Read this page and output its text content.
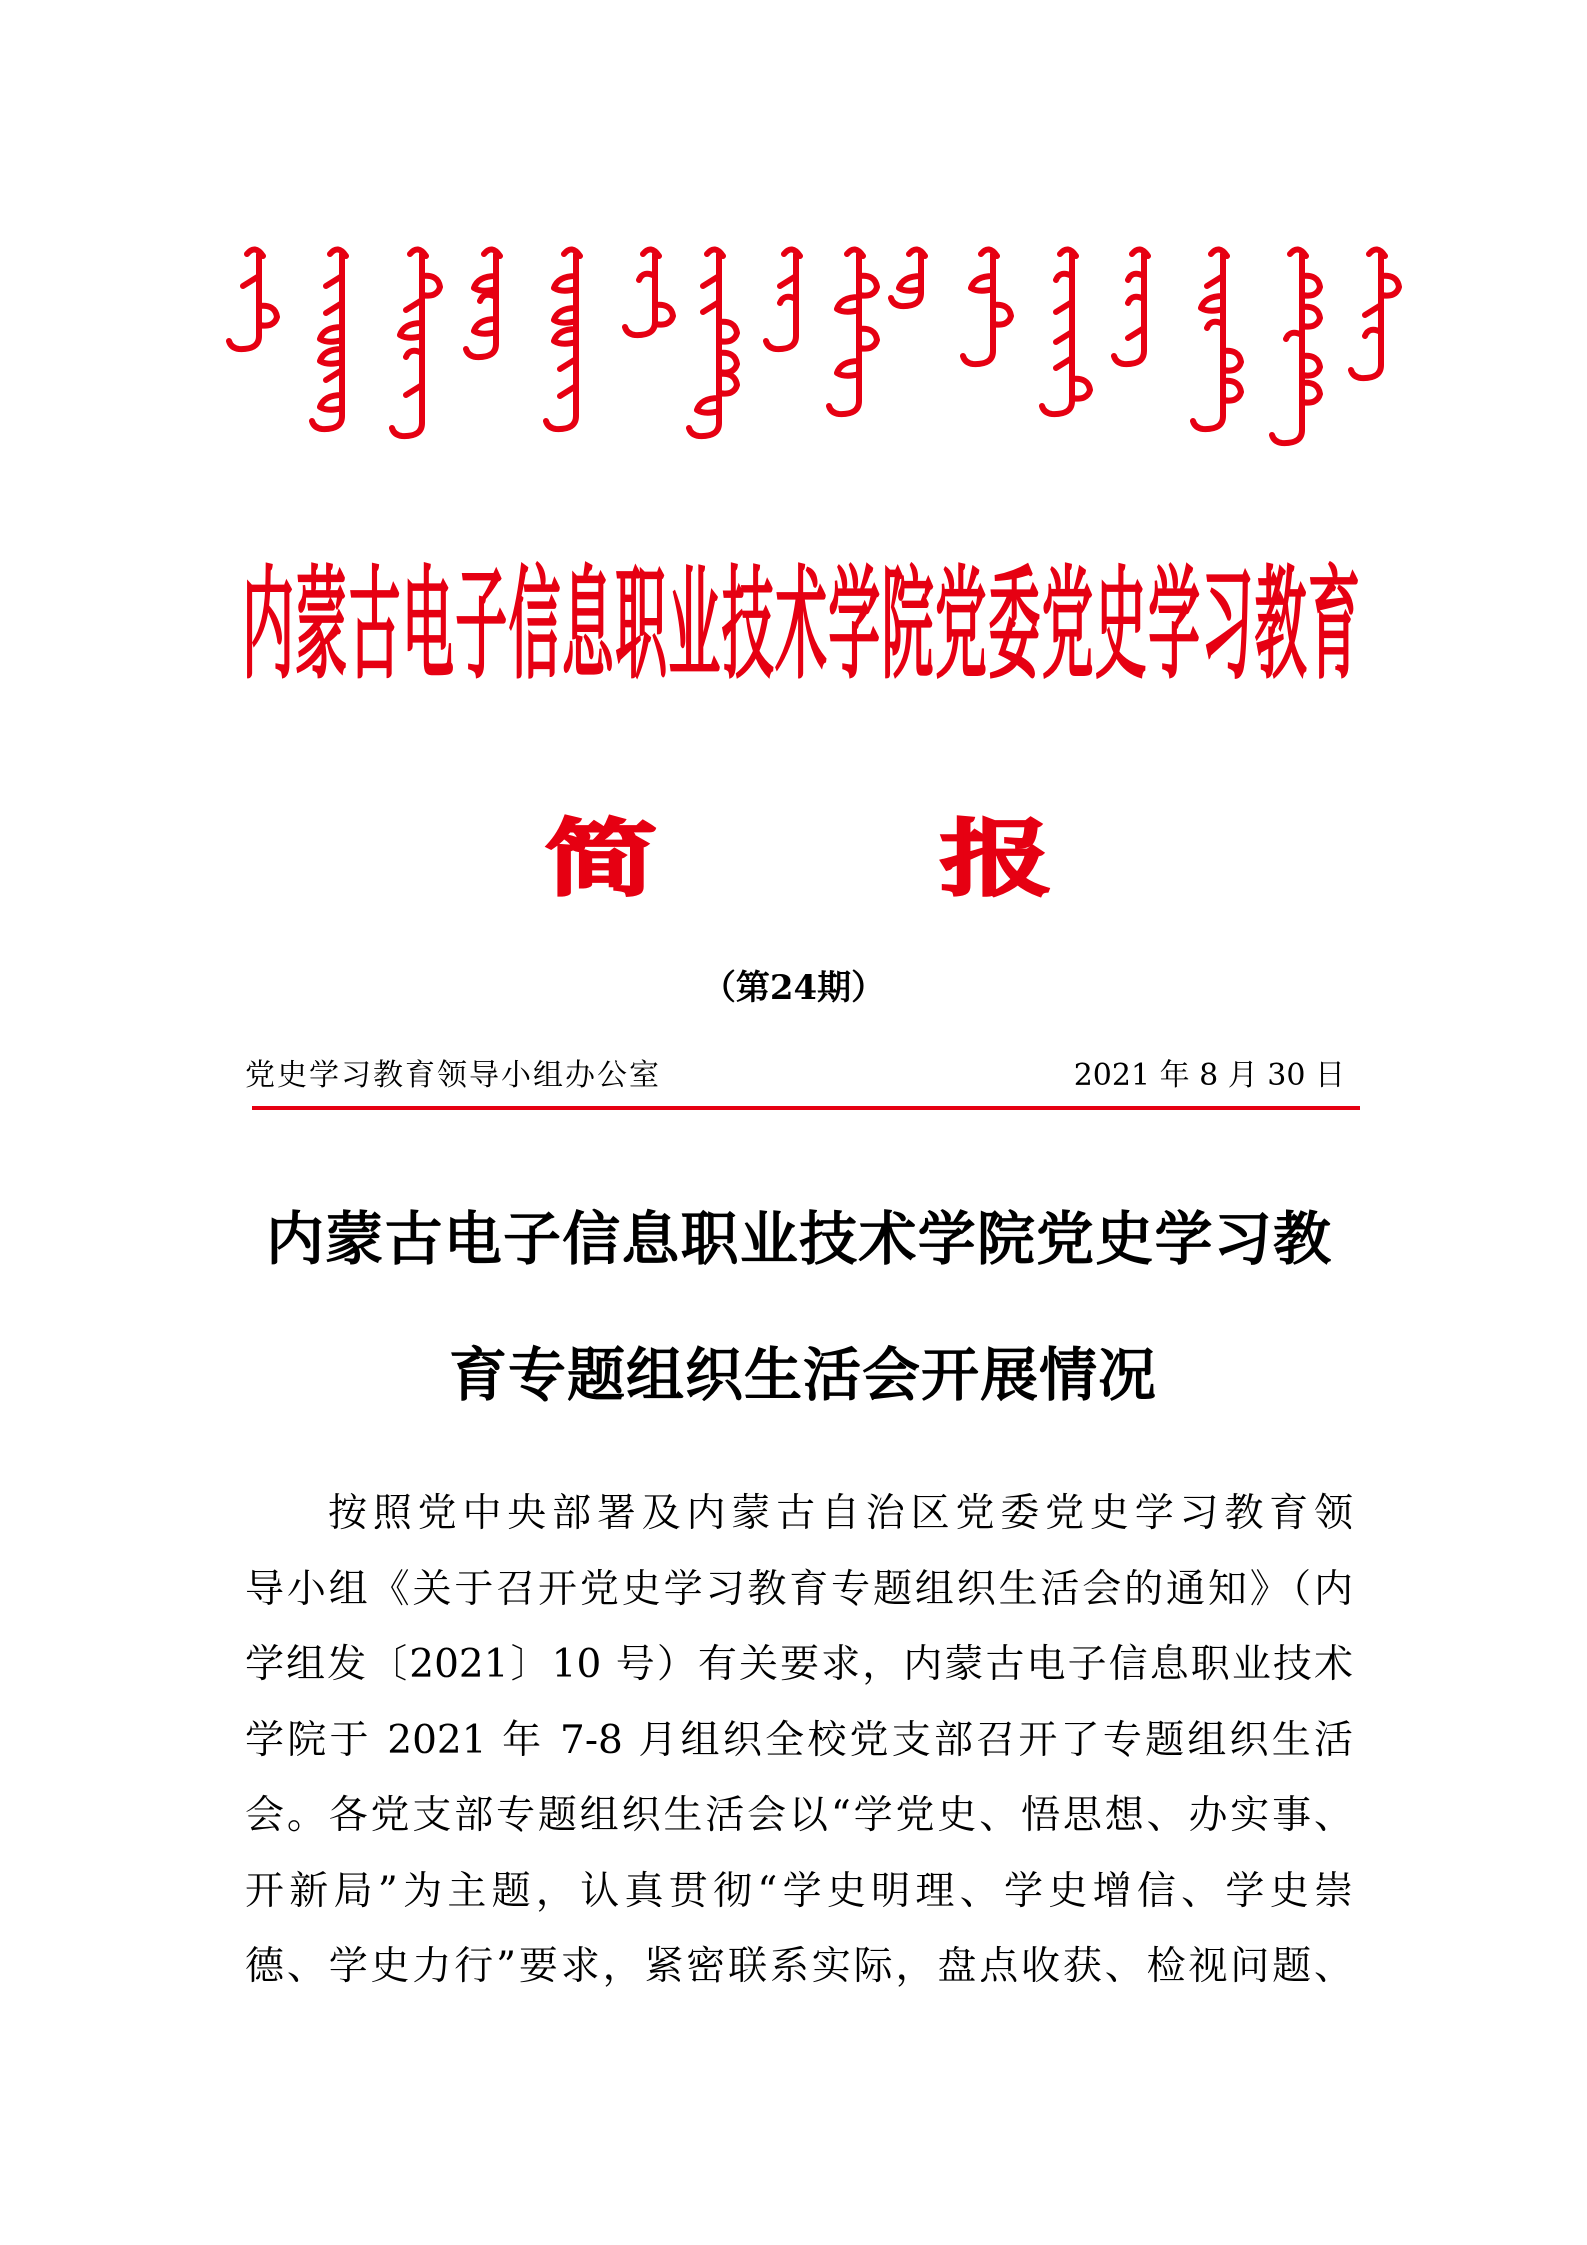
内蒙古电子信息职业技术学院党委党史学习教育
简	报
（第24期）
党史学习教育领导小组办公室	2021 年 8 月 30 日
内蒙古电子信息职业技术学院党史学习教
育专题组织生活会开展情况
按照党中央部署及内蒙古自治区党委党史学习教育领
导小组《关于召开党史学习教育专题组织生活会的通知》（内
学组发〔2021〕10 号）有关要求，内蒙古电子信息职业技术
学院于 2021 年 7-8 月组织全校党支部召开了专题组织生活
会。各党支部专题组织生活会以“学党史、悟思想、办实事、
开新局”为主题，认真贯彻“学史明理、学史增信、学史崇
德、学史力行”要求，紧密联系实际，盘点收获、检视问题、
